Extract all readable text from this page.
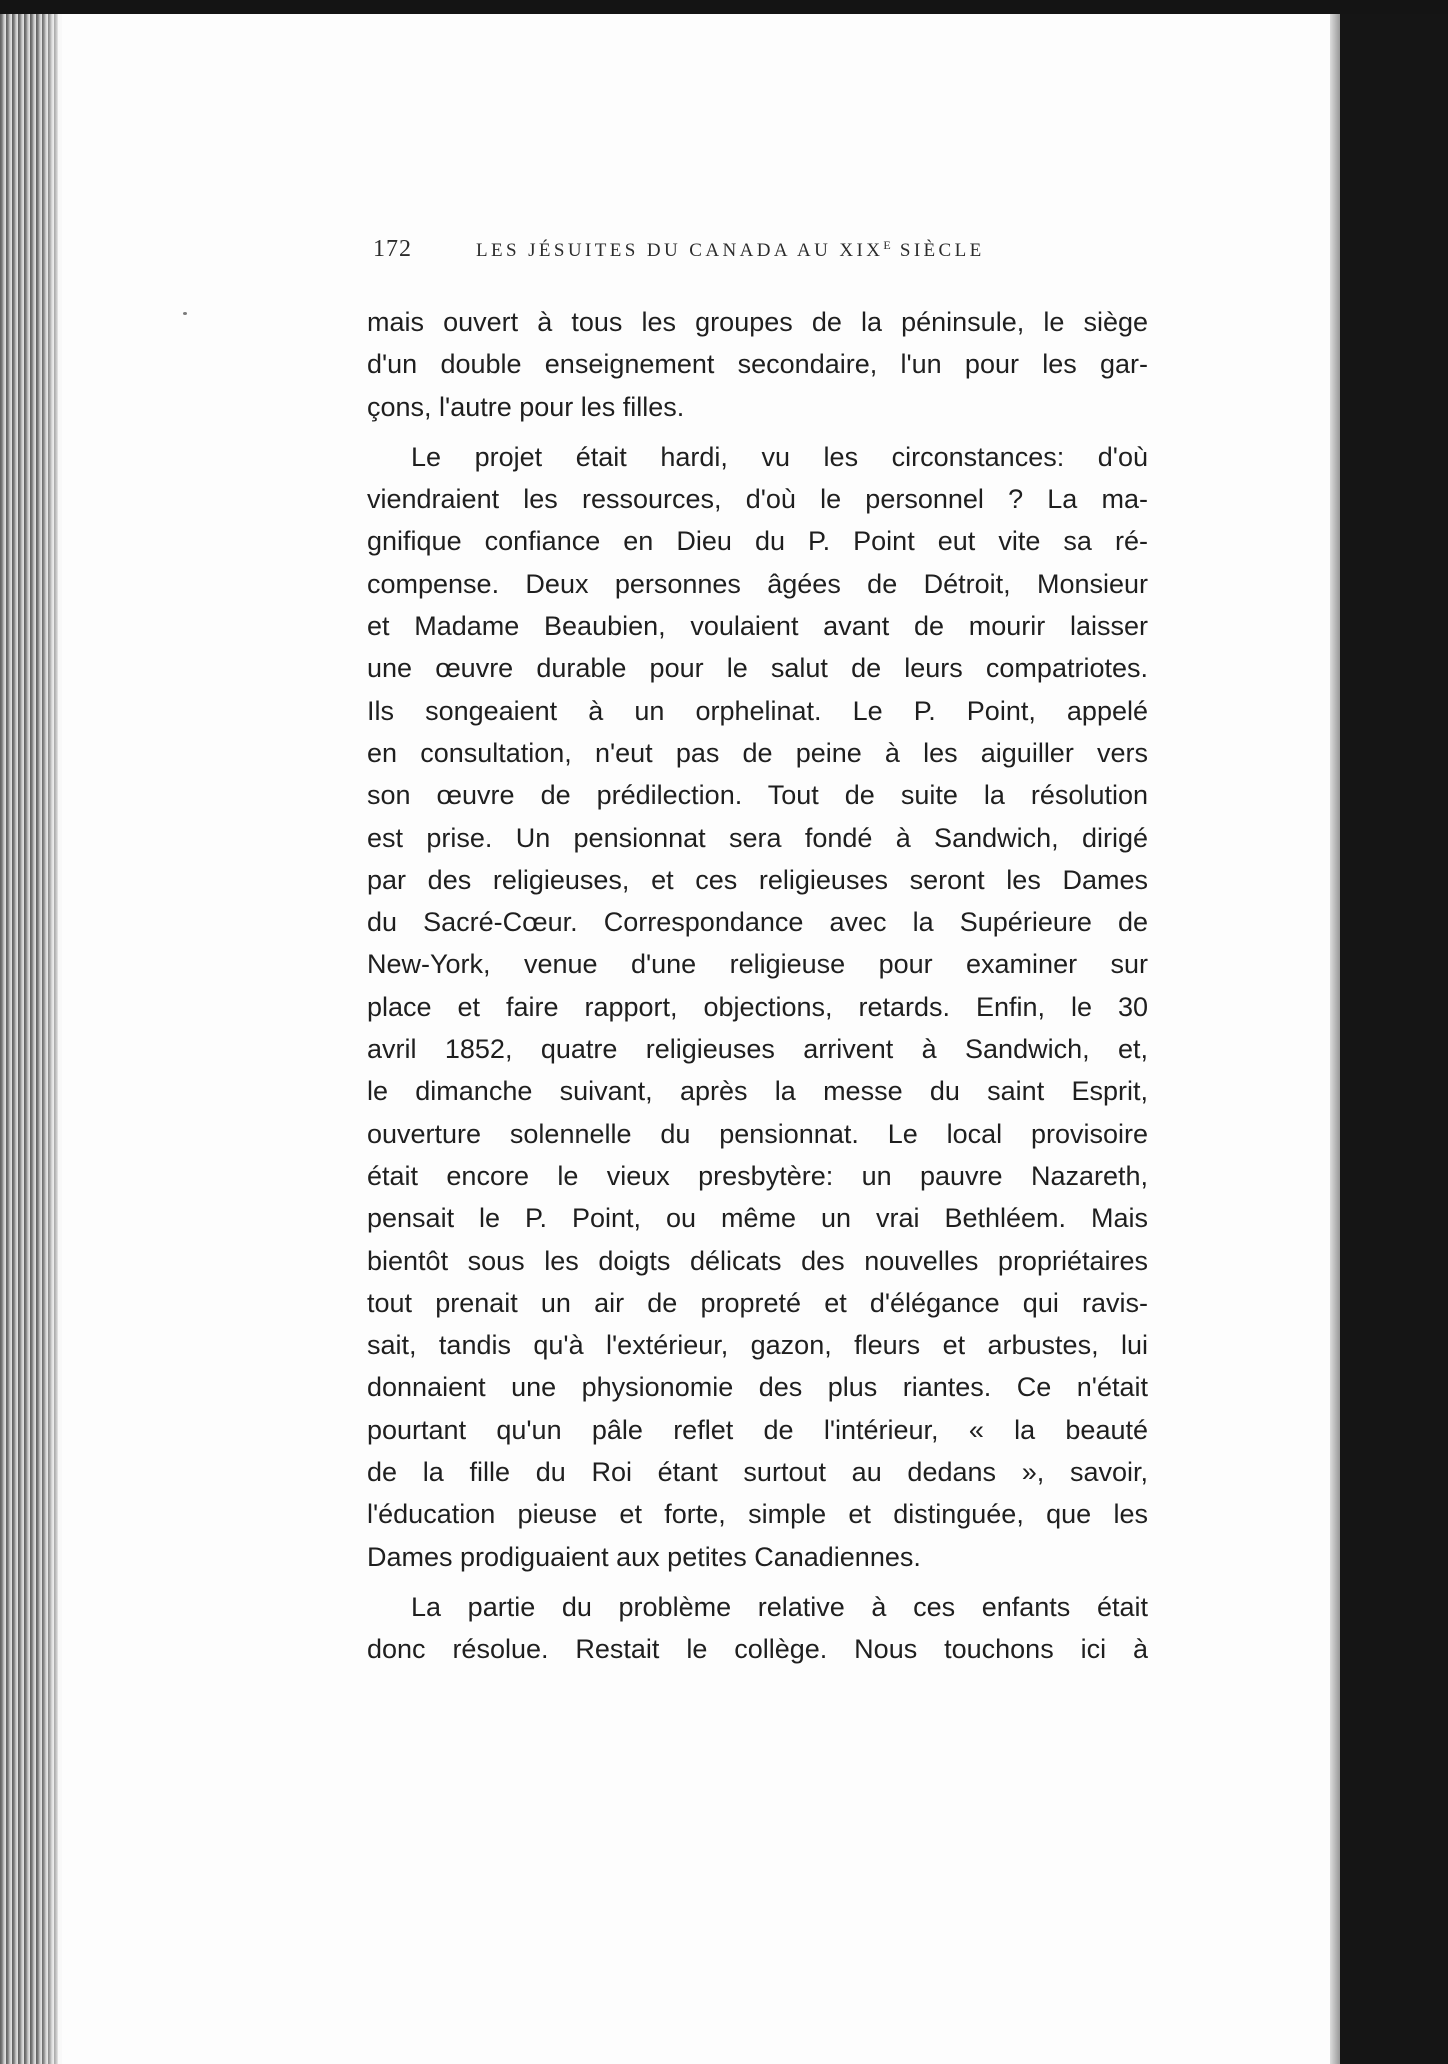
172	LES JÉSUITES DU CANADA AU $XIX^E$ SIÈCLE
mais ouvert à tous les groupes de la péninsule, le siège
d'un double enseignement secondaire, l'un pour les gar-
çons, l'autre pour les filles.
Le projet était hardi, vu les circonstances: d'où
viendraient les ressources, d'où le personnel ? La ma-
gnifique confiance en Dieu du P. Point eut vite sa ré-
compense. Deux personnes âgées de Détroit, Monsieur
et Madame Beaubien, voulaient avant de mourir laisser
une œuvre durable pour le salut de leurs compatriotes.
Ils songeaient à un orphelinat. Le P. Point, appelé
en consultation, n'eut pas de peine à les aiguiller vers
son œuvre de prédilection. Tout de suite la résolution
est prise. Un pensionnat sera fondé à Sandwich, dirigé
par des religieuses, et ces religieuses seront les Dames
du Sacré-Cœur. Correspondance avec la Supérieure de
New-York, venue d'une religieuse pour examiner sur
place et faire rapport, objections, retards. Enfin, le 30
avril 1852, quatre religieuses arrivent à Sandwich, et,
le dimanche suivant, après la messe du saint Esprit,
ouverture solennelle du pensionnat. Le local provisoire
était encore le vieux presbytère: un pauvre Nazareth,
pensait le P. Point, ou même un vrai Bethléem. Mais
bientôt sous les doigts délicats des nouvelles propriétaires
tout prenait un air de propreté et d'élégance qui ravis-
sait, tandis qu'à l'extérieur, gazon, fleurs et arbustes, lui
donnaient une physionomie des plus riantes. Ce n'était
pourtant qu'un pâle reflet de l'intérieur, « la beauté
de la fille du Roi étant surtout au dedans », savoir,
l'éducation pieuse et forte, simple et distinguée, que les
Dames prodiguaient aux petites Canadiennes.
La partie du problème relative à ces enfants était
donc résolue. Restait le collège. Nous touchons ici à
